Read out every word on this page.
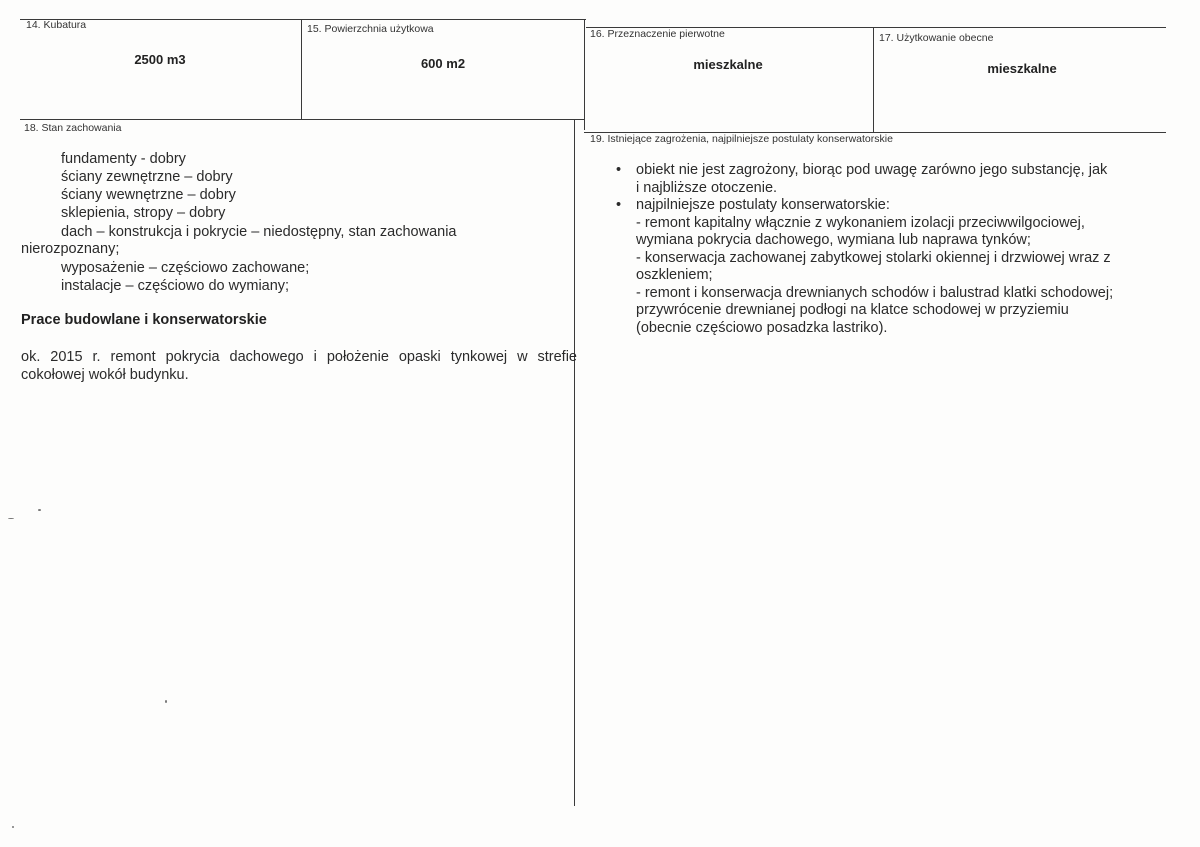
14. Kubatura
2500 m3
15. Powierzchnia użytkowa
600 m2
16. Przeznaczenie pierwotne
mieszkalne
17. Użytkowanie obecne
mieszkalne
18. Stan zachowania
fundamenty - dobry
ściany zewnętrzne – dobry
ściany wewnętrzne – dobry
sklepienia, stropy – dobry
dach – konstrukcja i pokrycie – niedostępny, stan zachowania
nierozpoznany;
wyposażenie – częściowo zachowane;
instalacje – częściowo do wymiany;
Prace budowlane i konserwatorskie
ok. 2015 r. remont pokrycia dachowego i położenie opaski tynkowej w strefie cokołowej wokół budynku.
19. Istniejące zagrożenia, najpilniejsze postulaty konserwatorskie
• obiekt nie jest zagrożony, biorąc pod uwagę zarówno jego substancję, jak
i najbliższe otoczenie.
• najpilniejsze postulaty konserwatorskie:
- remont kapitalny włącznie z wykonaniem izolacji przeciwwilgociowej,
wymiana pokrycia dachowego, wymiana lub naprawa tynków;
- konserwacja zachowanej zabytkowej stolarki okiennej i drzwiowej wraz z
oszkleniem;
- remont i konserwacja drewnianych schodów i balustrad klatki schodowej;
przywrócenie drewnianej podłogi na klatce schodowej w przyziemiu
(obecnie częściowo posadzka lastriko).
